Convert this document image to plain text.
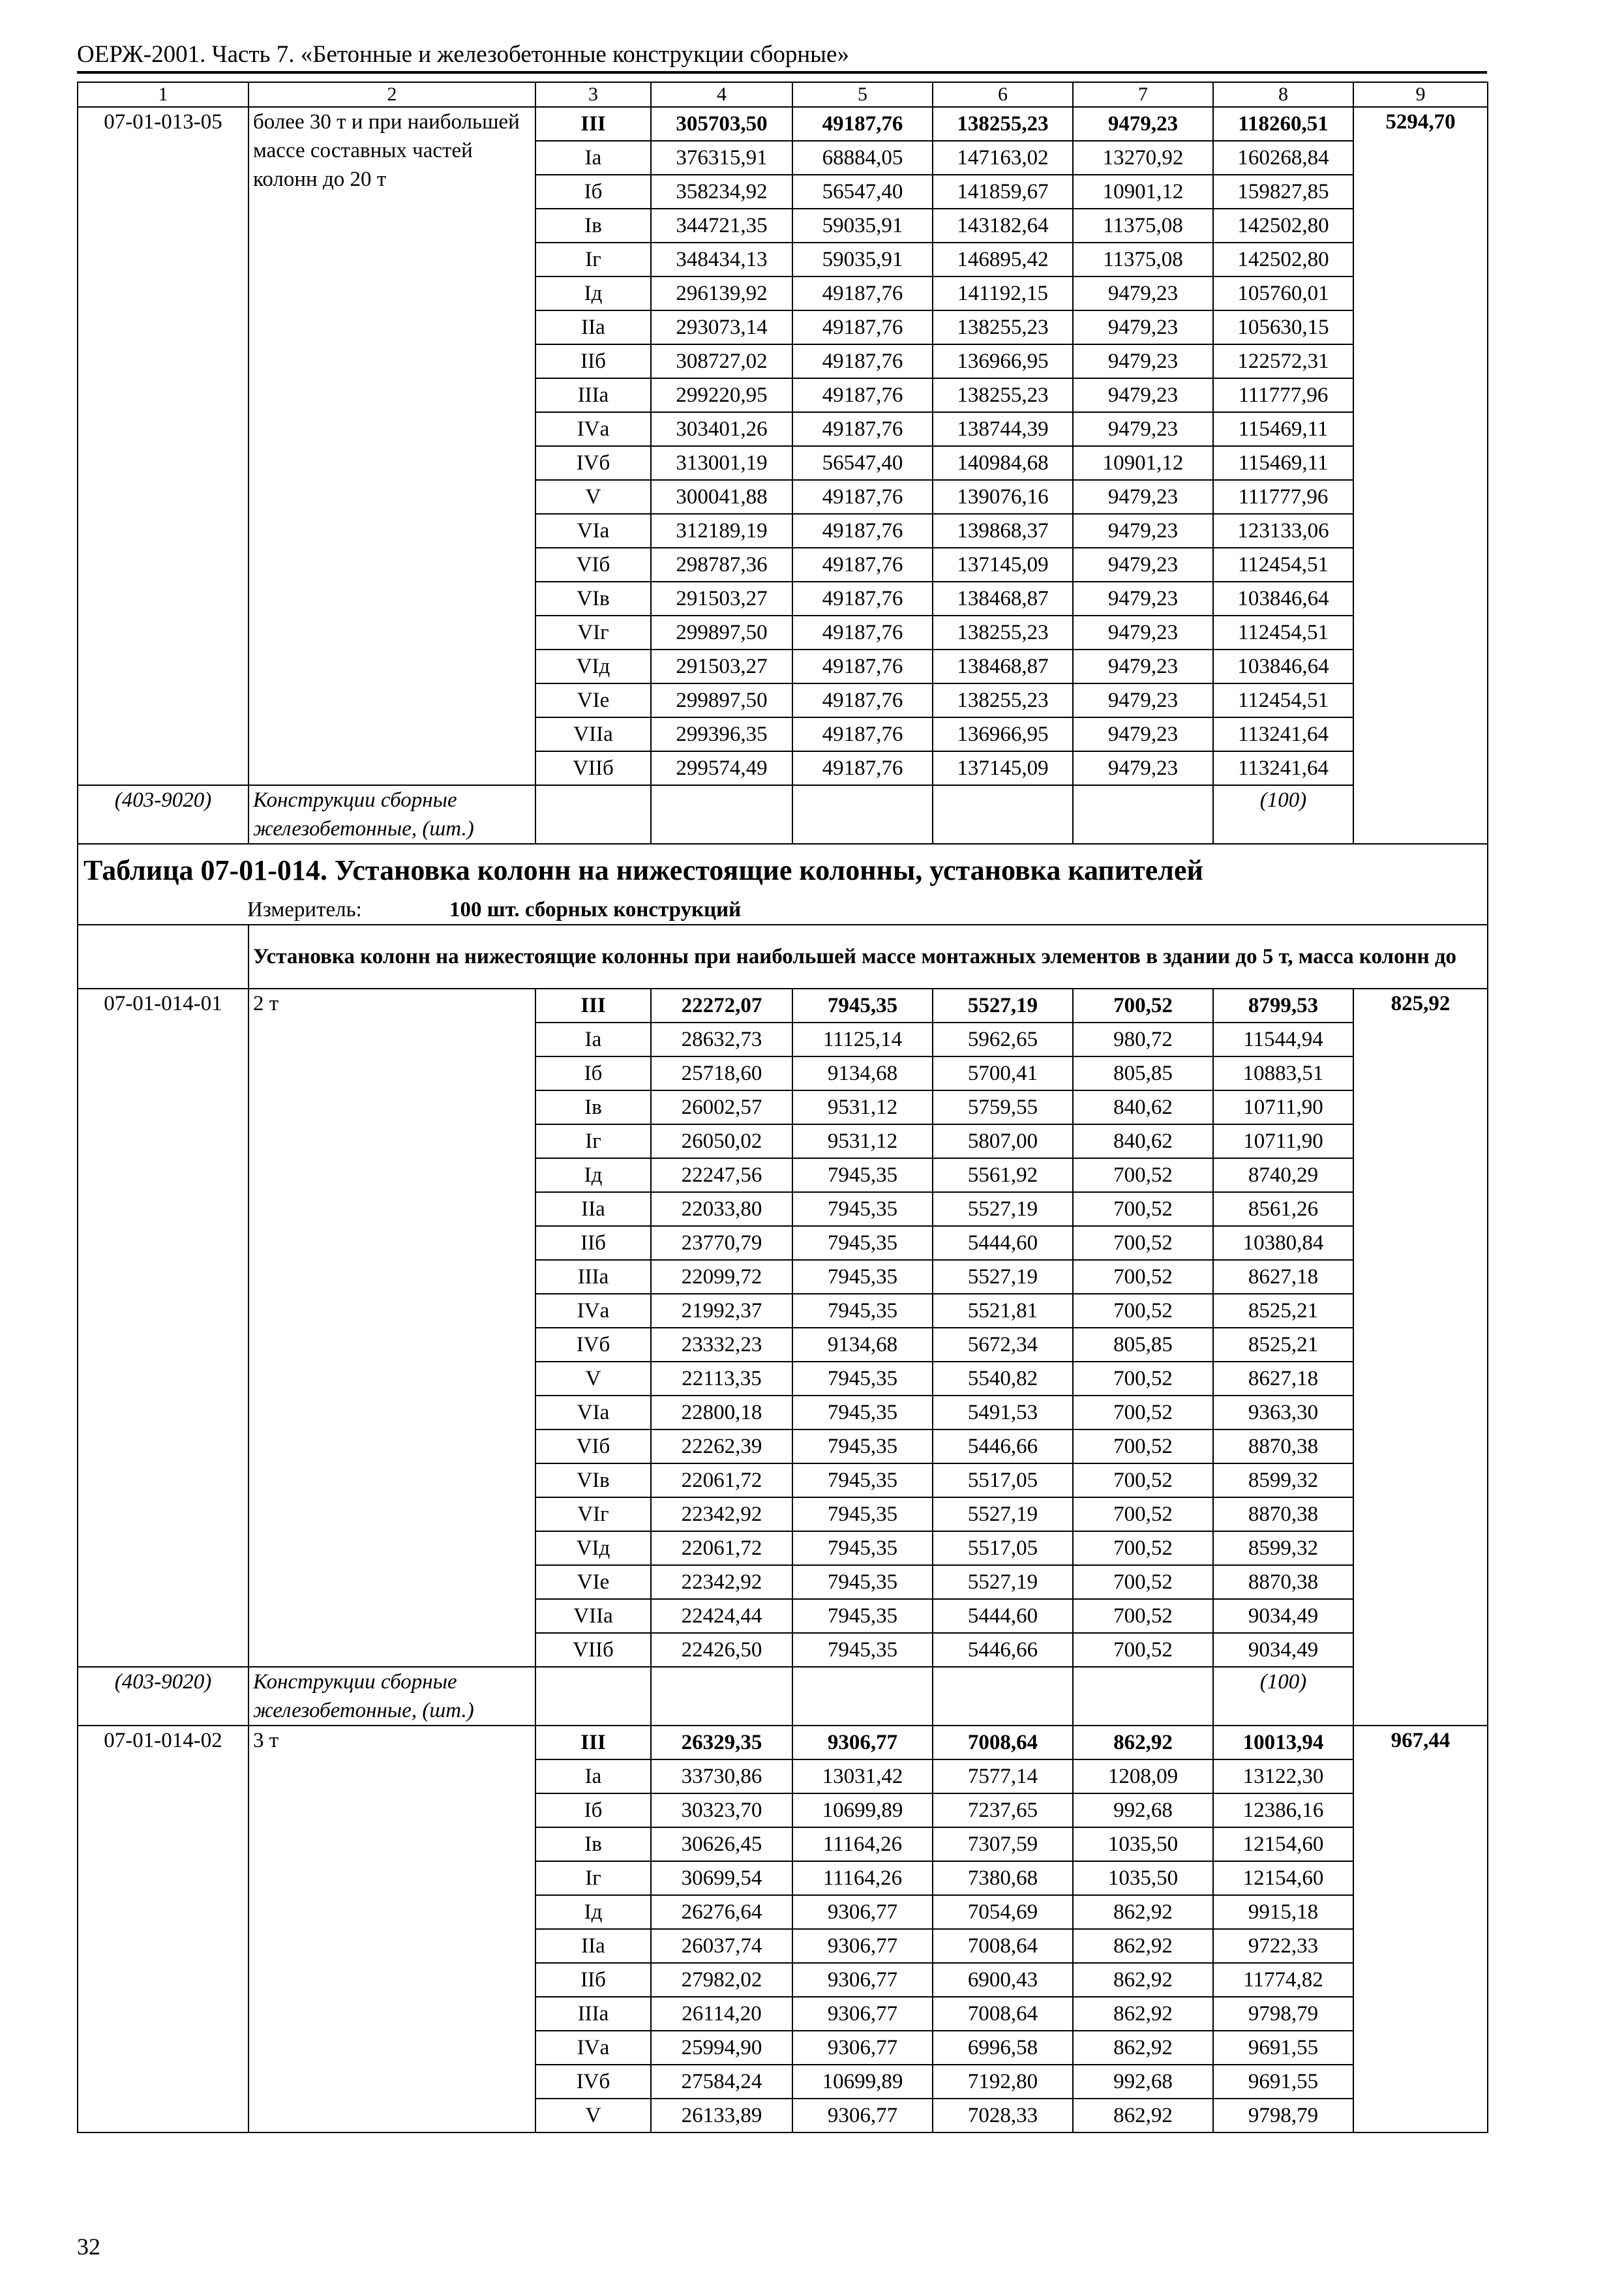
ОЕРЖ-2001. Часть 7. «Бетонные и железобетонные конструкции сборные»
1	2	3	4	5	6	7	8	9
07-01-013-05	более 30 т и при наибольшей массе составных частей колонн до 20 т	III	305703,50	49187,76	138255,23	9479,23	118260,51	5294,70
		Iа	376315,91	68884,05	147163,02	13270,92	160268,84	
		Iб	358234,92	56547,40	141859,67	10901,12	159827,85	
		Iв	344721,35	59035,91	143182,64	11375,08	142502,80	
		Iг	348434,13	59035,91	146895,42	11375,08	142502,80	
		Iд	296139,92	49187,76	141192,15	9479,23	105760,01	
		IIа	293073,14	49187,76	138255,23	9479,23	105630,15	
		IIб	308727,02	49187,76	136966,95	9479,23	122572,31	
		IIIа	299220,95	49187,76	138255,23	9479,23	111777,96	
		IVа	303401,26	49187,76	138744,39	9479,23	115469,11	
		IVб	313001,19	56547,40	140984,68	10901,12	115469,11	
		V	300041,88	49187,76	139076,16	9479,23	111777,96	
		VIа	312189,19	49187,76	139868,37	9479,23	123133,06	
		VIб	298787,36	49187,76	137145,09	9479,23	112454,51	
		VIв	291503,27	49187,76	138468,87	9479,23	103846,64	
		VIг	299897,50	49187,76	138255,23	9479,23	112454,51	
		VIд	291503,27	49187,76	138468,87	9479,23	103846,64	
		VIе	299897,50	49187,76	138255,23	9479,23	112454,51	
		VIIа	299396,35	49187,76	136966,95	9479,23	113241,64	
		VIIб	299574,49	49187,76	137145,09	9479,23	113241,64	
(403-9020)	Конструкции сборные железобетонные, (шт.)						(100)	
Таблица 07-01-014. Установка колонн на нижестоящие колонны, установка капителей								
Измеритель: 100 шт. сборных конструкций								
	Установка колонн на нижестоящие колонны при наибольшей массе монтажных элементов в здании до 5 т, масса колонн до							
07-01-014-01	2 т	III	22272,07	7945,35	5527,19	700,52	8799,53	825,92
		Iа	28632,73	11125,14	5962,65	980,72	11544,94	
		Iб	25718,60	9134,68	5700,41	805,85	10883,51	
		Iв	26002,57	9531,12	5759,55	840,62	10711,90	
		Iг	26050,02	9531,12	5807,00	840,62	10711,90	
		Iд	22247,56	7945,35	5561,92	700,52	8740,29	
		IIа	22033,80	7945,35	5527,19	700,52	8561,26	
		IIб	23770,79	7945,35	5444,60	700,52	10380,84	
		IIIа	22099,72	7945,35	5527,19	700,52	8627,18	
		IVа	21992,37	7945,35	5521,81	700,52	8525,21	
		IVб	23332,23	9134,68	5672,34	805,85	8525,21	
		V	22113,35	7945,35	5540,82	700,52	8627,18	
		VIа	22800,18	7945,35	5491,53	700,52	9363,30	
		VIб	22262,39	7945,35	5446,66	700,52	8870,38	
		VIв	22061,72	7945,35	5517,05	700,52	8599,32	
		VIг	22342,92	7945,35	5527,19	700,52	8870,38	
		VIд	22061,72	7945,35	5517,05	700,52	8599,32	
		VIе	22342,92	7945,35	5527,19	700,52	8870,38	
		VIIа	22424,44	7945,35	5444,60	700,52	9034,49	
		VIIб	22426,50	7945,35	5446,66	700,52	9034,49	
(403-9020)	Конструкции сборные железобетонные, (шт.)						(100)	
07-01-014-02	3 т	III	26329,35	9306,77	7008,64	862,92	10013,94	967,44
		Iа	33730,86	13031,42	7577,14	1208,09	13122,30	
		Iб	30323,70	10699,89	7237,65	992,68	12386,16	
		Iв	30626,45	11164,26	7307,59	1035,50	12154,60	
		Iг	30699,54	11164,26	7380,68	1035,50	12154,60	
		Iд	26276,64	9306,77	7054,69	862,92	9915,18	
		IIа	26037,74	9306,77	7008,64	862,92	9722,33	
		IIб	27982,02	9306,77	6900,43	862,92	11774,82	
		IIIа	26114,20	9306,77	7008,64	862,92	9798,79	
		IVа	25994,90	9306,77	6996,58	862,92	9691,55	
		IVб	27584,24	10699,89	7192,80	992,68	9691,55	
		V	26133,89	9306,77	7028,33	862,92	9798,79	
32
